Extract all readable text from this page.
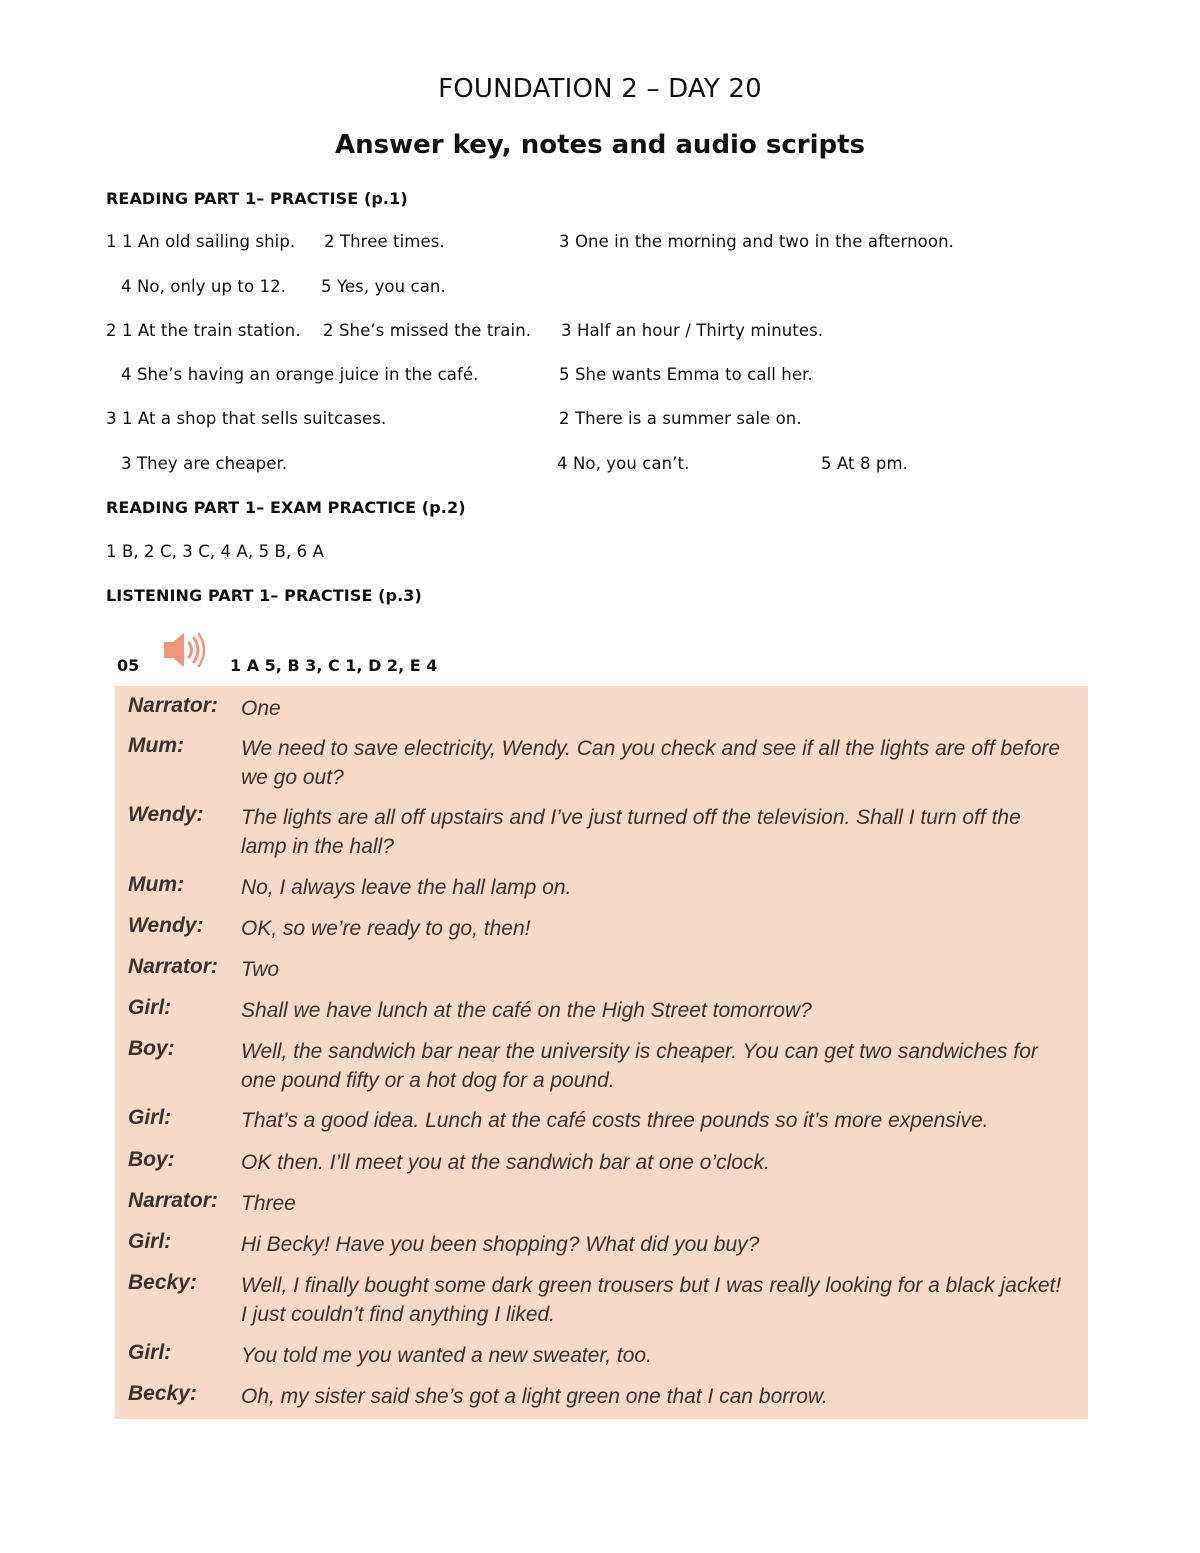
FOUNDATION 2 – DAY 20
Answer key, notes and audio scripts
READING PART 1– PRACTISE (p.1)
1 1 An old sailing ship. 2 Three times.	3 One in the morning and two in the afternoon.
4 No, only up to 12. 5 Yes, you can.
2 1 At the train station. 2 She’s missed the train. 3 Half an hour / Thirty minutes.
4 She’s having an orange juice in the café.	5 She wants Emma to call her.
3 1 At a shop that sells suitcases.	2 There is a summer sale on.
3 They are cheaper.	4 No, you can’t.	5 At 8 pm.
READING PART 1– EXAM PRACTICE (p.2)
1 B, 2 C, 3 C, 4 A, 5 B, 6 A
LISTENING PART 1– PRACTISE (p.3)
05	1 A 5, B 3, C 1, D 2, E 4
Narrator: One
Mum:	We need to save electricity, Wendy. Can you check and see if all the lights are off before we go out?
Wendy: The lights are all off upstairs and I’ve just turned off the television. Shall I turn off the lamp in the hall?
Mum:	No, I always leave the hall lamp on.
Wendy: OK, so we’re ready to go, then!
Narrator: Two
Girl:	Shall we have lunch at the café on the High Street tomorrow?
Boy:	Well, the sandwich bar near the university is cheaper. You can get two sandwiches for one pound fifty or a hot dog for a pound.
Girl:	That’s a good idea. Lunch at the café costs three pounds so it’s more expensive.
Boy:	OK then. I’ll meet you at the sandwich bar at one o’clock.
Narrator: Three
Girl:	Hi Becky! Have you been shopping? What did you buy?
Becky: Well, I finally bought some dark green trousers but I was really looking for a black jacket! I just couldn’t find anything I liked.
Girl:	You told me you wanted a new sweater, too.
Becky: Oh, my sister said she’s got a light green one that I can borrow.
